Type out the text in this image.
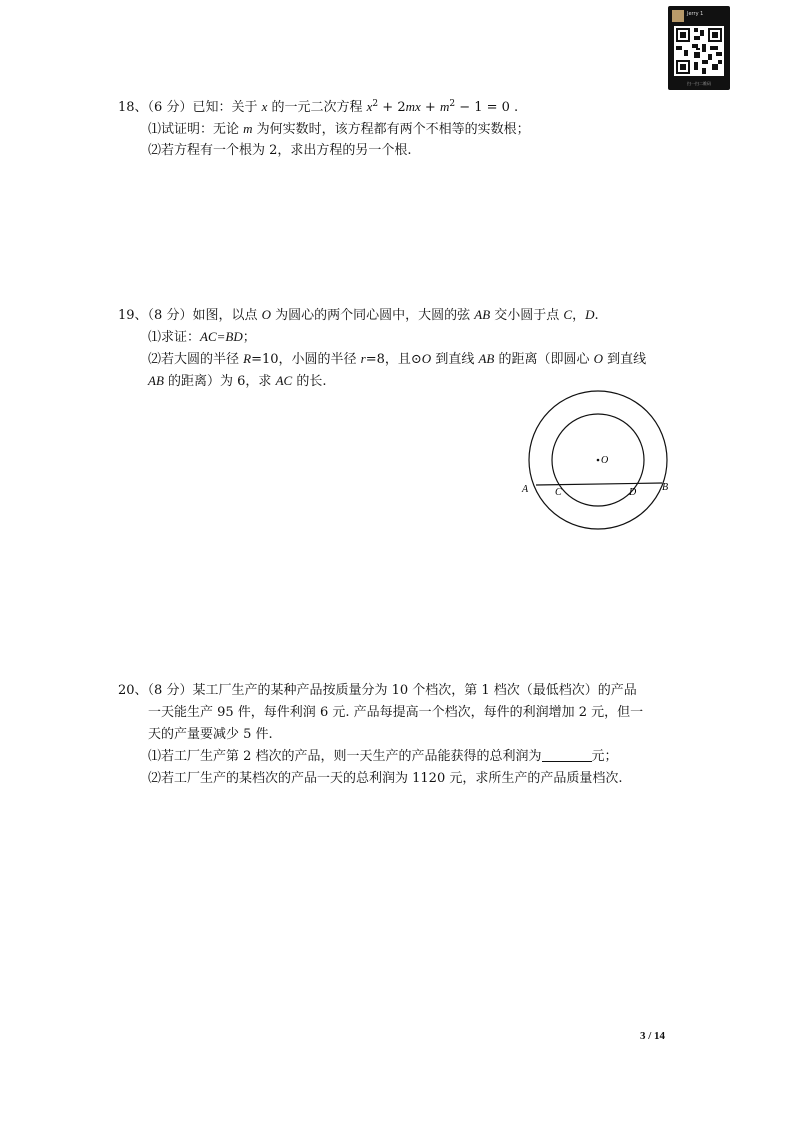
Jerry 1
扫一扫二维码
18、（6 分）已知：关于 x 的一元二次方程 $x^2 + 2mx + m^2 - 1 = 0$ .
⑴试证明：无论 m 为何实数时，该方程都有两个不相等的实数根；
⑵若方程有一个根为 2，求出方程的另一个根.
19、（8 分）如图，以点 O 为圆心的两个同心圆中，大圆的弦 AB 交小圆于点 C，D.
⑴求证：AC=BD；
⑵若大圆的半径 R=10，小圆的半径 r=8，且⊙O 到直线 AB 的距离（即圆心 O 到直线
AB 的距离）为 6，求 AC 的长.
O
A	C	D	B
20、（8 分）某工厂生产的某种产品按质量分为 10 个档次，第 1 档次（最低档次）的产品
一天能生产 95 件，每件利润 6 元. 产品每提高一个档次，每件的利润增加 2 元，但一
天的产量要减少 5 件.
⑴若工厂生产第 2 档次的产品，则一天生产的产品能获得的总利润为	元；
⑵若工厂生产的某档次的产品一天的总利润为 1120 元，求所生产的产品质量档次.
3 / 14
